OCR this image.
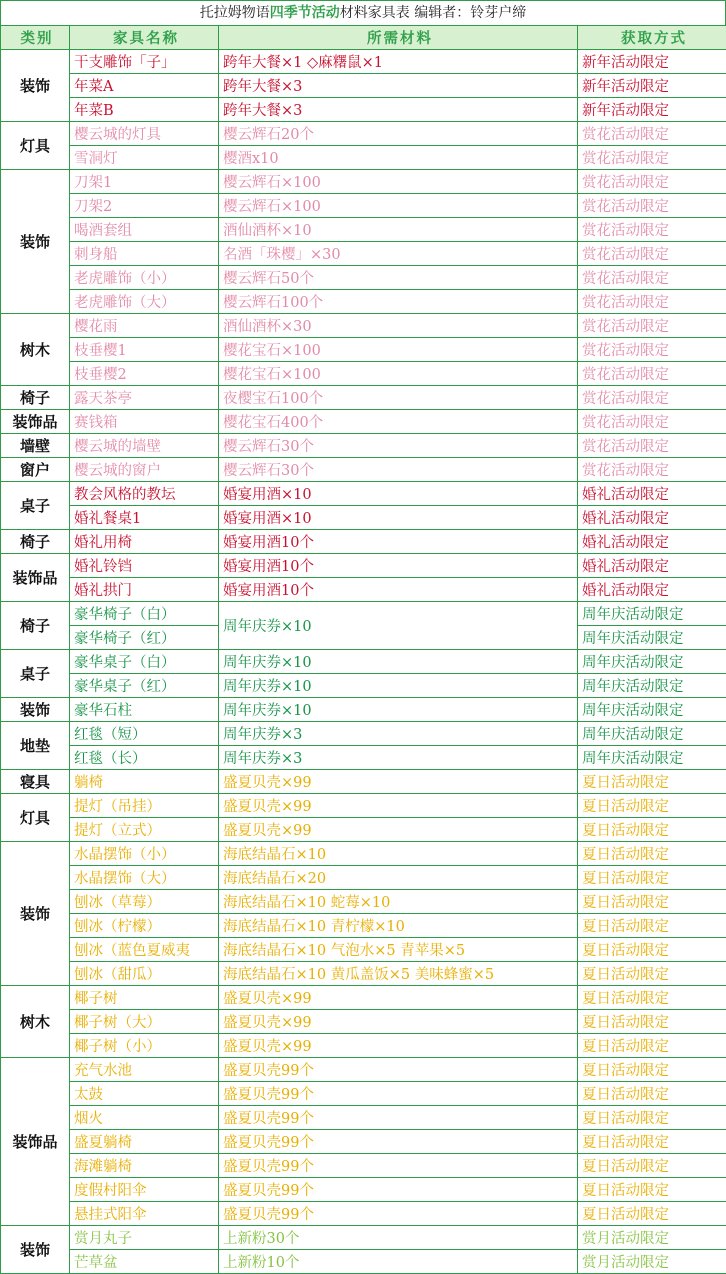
托拉姆物语四季节活动材料家具表 编辑者：铃芽户缔
类别	家具名称	所需材料	获取方式
装饰	干支雕饰「子」	跨年大餐×1 ◇麻糬鼠×1	新年活动限定
	年菜A	跨年大餐×3	新年活动限定
	年菜B	跨年大餐×3	新年活动限定
灯具	樱云城的灯具	樱云辉石20个	赏花活动限定
	雪洞灯	樱酒x10	赏花活动限定
装饰	刀架1	樱云辉石×100	赏花活动限定
	刀架2	樱云辉石×100	赏花活动限定
	喝酒套组	酒仙酒杯×10	赏花活动限定
	刺身船	名酒「珠樱」×30	赏花活动限定
	老虎雕饰（小）	樱云辉石50个	赏花活动限定
	老虎雕饰（大）	樱云辉石100个	赏花活动限定
树木	樱花雨	酒仙酒杯×30	赏花活动限定
	枝垂樱1	樱花宝石×100	赏花活动限定
	枝垂樱2	樱花宝石×100	赏花活动限定
椅子	露天茶亭	夜樱宝石100个	赏花活动限定
装饰品	赛钱箱	樱花宝石400个	赏花活动限定
墙壁	樱云城的墙壁	樱云辉石30个	赏花活动限定
窗户	樱云城的窗户	樱云辉石30个	赏花活动限定
桌子	教会风格的教坛	婚宴用酒×10	婚礼活动限定
	婚礼餐桌1	婚宴用酒×10	婚礼活动限定
椅子	婚礼用椅	婚宴用酒10个	婚礼活动限定
装饰品	婚礼铃铛	婚宴用酒10个	婚礼活动限定
	婚礼拱门	婚宴用酒10个	婚礼活动限定
椅子	豪华椅子（白）	周年庆券×10	周年庆活动限定
	豪华椅子（红）		周年庆活动限定
桌子	豪华桌子（白）	周年庆券×10	周年庆活动限定
	豪华桌子（红）	周年庆券×10	周年庆活动限定
装饰	豪华石柱	周年庆券×10	周年庆活动限定
地垫	红毯（短）	周年庆券×3	周年庆活动限定
	红毯（长）	周年庆券×3	周年庆活动限定
寝具	躺椅	盛夏贝壳×99	夏日活动限定
灯具	提灯（吊挂）	盛夏贝壳×99	夏日活动限定
	提灯（立式）	盛夏贝壳×99	夏日活动限定
装饰	水晶摆饰（小）	海底结晶石×10	夏日活动限定
	水晶摆饰（大）	海底结晶石×20	夏日活动限定
	刨冰（草莓）	海底结晶石×10 蛇莓×10	夏日活动限定
	刨冰（柠檬）	海底结晶石×10 青柠檬×10	夏日活动限定
	刨冰（蓝色夏威夷	海底结晶石×10 气泡水×5 青苹果×5	夏日活动限定
	刨冰（甜瓜）	海底结晶石×10 黄瓜盖饭×5 美味蜂蜜×5	夏日活动限定
树木	椰子树	盛夏贝壳×99	夏日活动限定
	椰子树（大）	盛夏贝壳×99	夏日活动限定
	椰子树（小）	盛夏贝壳×99	夏日活动限定
装饰品	充气水池	盛夏贝壳99个	夏日活动限定
	太鼓	盛夏贝壳99个	夏日活动限定
	烟火	盛夏贝壳99个	夏日活动限定
	盛夏躺椅	盛夏贝壳99个	夏日活动限定
	海滩躺椅	盛夏贝壳99个	夏日活动限定
	度假村阳伞	盛夏贝壳99个	夏日活动限定
	悬挂式阳伞	盛夏贝壳99个	夏日活动限定
装饰	赏月丸子	上新粉30个	赏月活动限定
	芒草盆	上新粉10个	赏月活动限定
